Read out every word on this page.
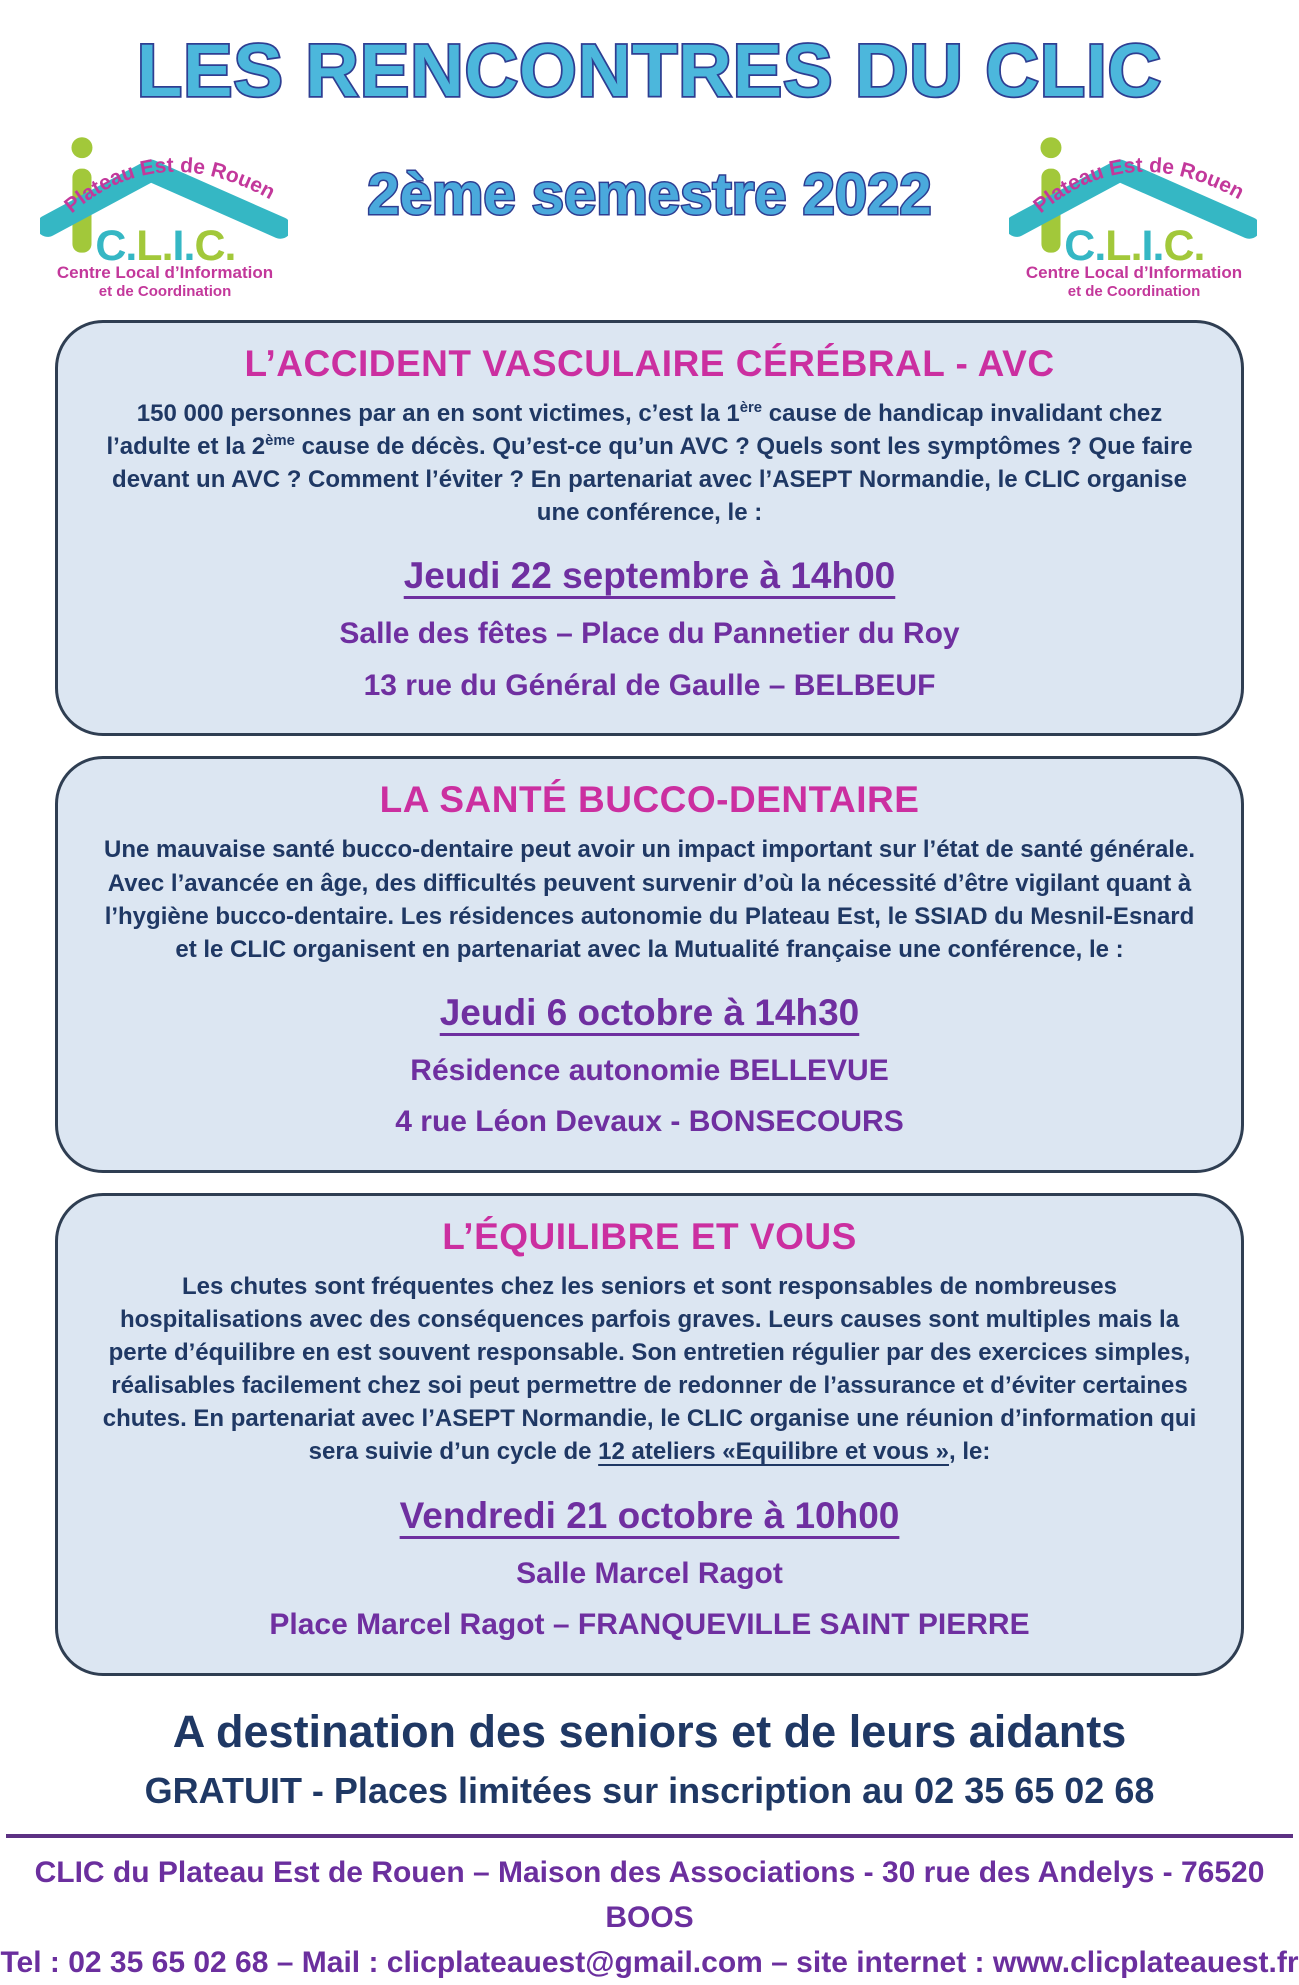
LES RENCONTRES DU CLIC
Plateau Est de Rouen
C.L.I.C.
Centre Local d’Information
et de Coordination
2ème semestre 2022	Plateau Est de Rouen
C.L.I.C.
Centre Local d’Information
et de Coordination
L’ACCIDENT VASCULAIRE CÉRÉBRAL - AVC

150 000 personnes par an en sont victimes, c’est la 1ère cause de handicap invalidant chez l’adulte et la 2ème cause de décès. Qu’est-ce qu’un AVC ? Quels sont les symptômes ? Que faire devant un AVC ? Comment l’éviter ? En partenariat avec l’ASEPT Normandie, le CLIC organise une conférence, le :

Jeudi 22 septembre à 14h00
Salle des fêtes – Place du Pannetier du Roy
13 rue du Général de Gaulle – BELBEUF
LA SANTÉ BUCCO-DENTAIRE

Une mauvaise santé bucco-dentaire peut avoir un impact important sur l’état de santé générale. Avec l’avancée en âge, des difficultés peuvent survenir d’où la nécessité d’être vigilant quant à l’hygiène bucco-dentaire. Les résidences autonomie du Plateau Est, le SSIAD du Mesnil-Esnard et le CLIC organisent en partenariat avec la Mutualité française une conférence, le :

Jeudi 6 octobre à 14h30
Résidence autonomie BELLEVUE
4 rue Léon Devaux - BONSECOURS
L’ÉQUILIBRE ET VOUS

Les chutes sont fréquentes chez les seniors et sont responsables de nombreuses hospitalisations avec des conséquences parfois graves. Leurs causes sont multiples mais la perte d’équilibre en est souvent responsable. Son entretien régulier par des exercices simples, réalisables facilement chez soi peut permettre de redonner de l’assurance et d’éviter certaines chutes. En partenariat avec l’ASEPT Normandie, le CLIC organise une réunion d’information qui sera suivie d’un cycle de 12 ateliers «Equilibre et vous », le:

Vendredi 21 octobre à 10h00
Salle Marcel Ragot
Place Marcel Ragot – FRANQUEVILLE SAINT PIERRE
A destination des seniors et de leurs aidants
GRATUIT - Places limitées sur inscription au 02 35 65 02 68
CLIC du Plateau Est de Rouen – Maison des Associations - 30 rue des Andelys - 76520 BOOS
Tel : 02 35 65 02 68 – Mail : clicplateauest@gmail.com – site internet : www.clicplateauest.fr
